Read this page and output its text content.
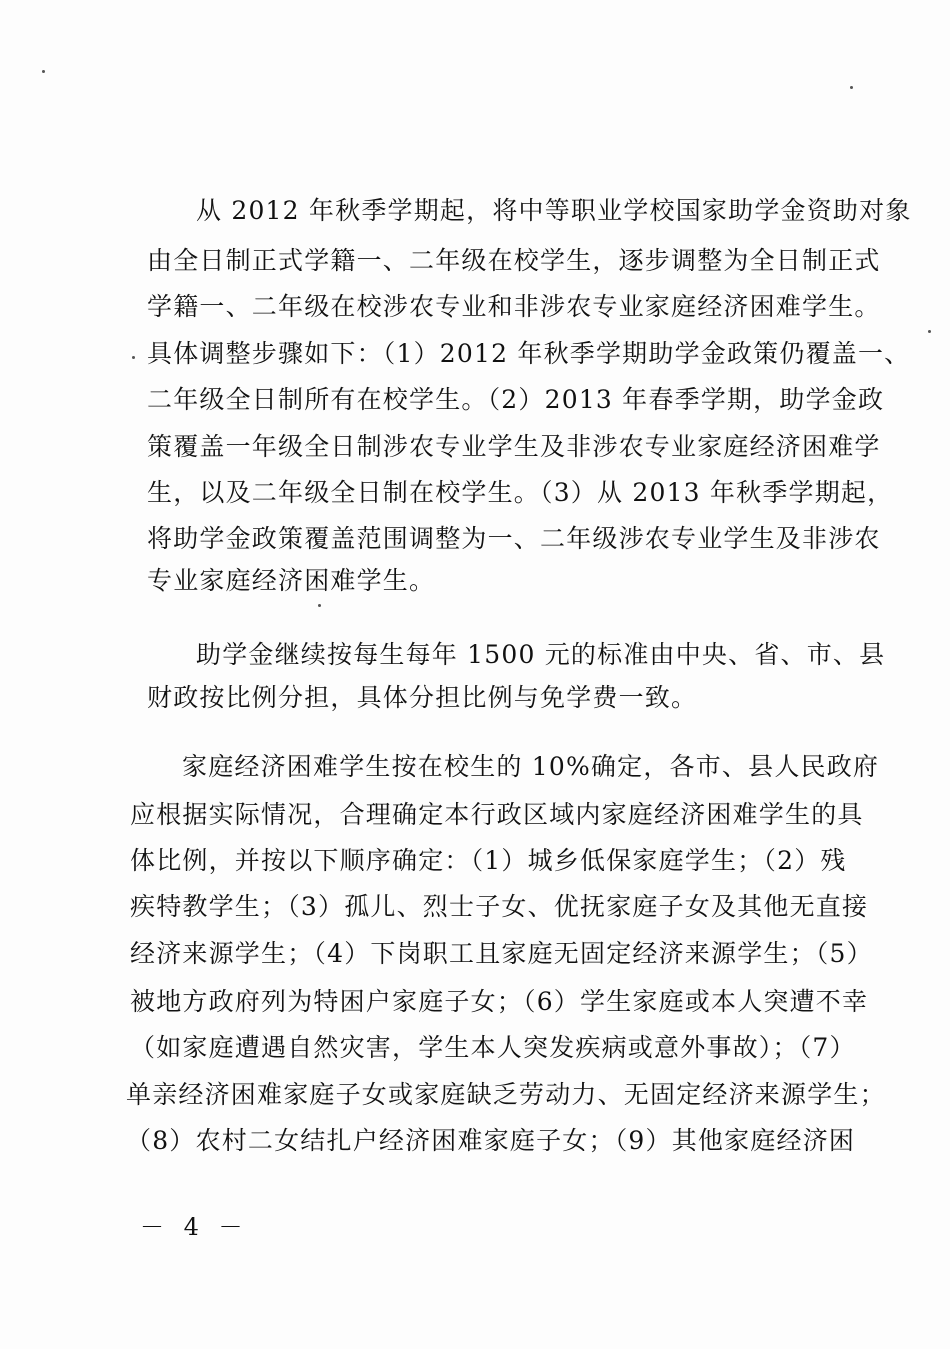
从 2012 年秋季学期起，将中等职业学校国家助学金资助对象
由全日制正式学籍一、二年级在校学生，逐步调整为全日制正式
学籍一、二年级在校涉农专业和非涉农专业家庭经济困难学生。
具体调整步骤如下：（1）2012 年秋季学期助学金政策仍覆盖一、
二年级全日制所有在校学生。（2）2013 年春季学期，助学金政
策覆盖一年级全日制涉农专业学生及非涉农专业家庭经济困难学
生，以及二年级全日制在校学生。（3）从 2013 年秋季学期起，
将助学金政策覆盖范围调整为一、二年级涉农专业学生及非涉农
专业家庭经济困难学生。
助学金继续按每生每年 1500 元的标准由中央、省、市、县
财政按比例分担，具体分担比例与免学费一致。
家庭经济困难学生按在校生的 10%确定，各市、县人民政府
应根据实际情况，合理确定本行政区域内家庭经济困难学生的具
体比例，并按以下顺序确定：（1）城乡低保家庭学生；（2）残
疾特教学生；（3）孤儿、烈士子女、优抚家庭子女及其他无直接
经济来源学生；（4）下岗职工且家庭无固定经济来源学生；（5）
被地方政府列为特困户家庭子女；（6）学生家庭或本人突遭不幸
（如家庭遭遇自然灾害，学生本人突发疾病或意外事故）；（7）
单亲经济困难家庭子女或家庭缺乏劳动力、无固定经济来源学生；
（8）农村二女结扎户经济困难家庭子女；（9）其他家庭经济困
－ 4 －
